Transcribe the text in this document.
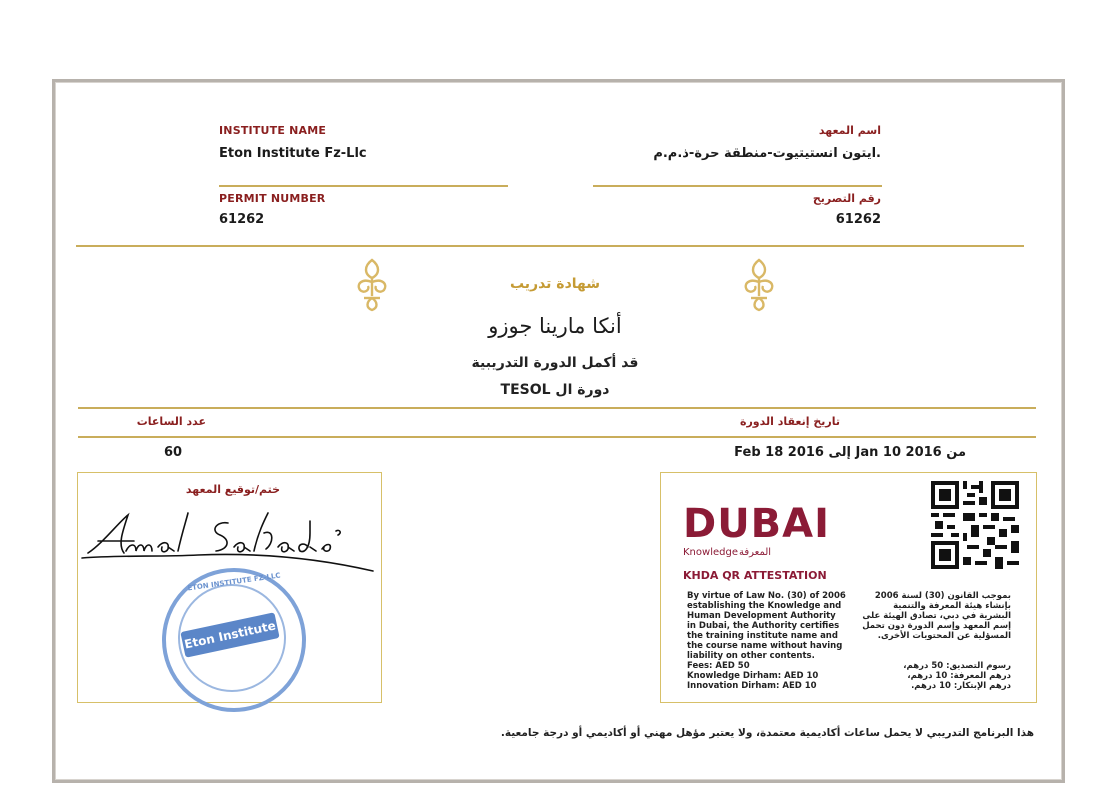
INSTITUTE NAME
Eton Institute Fz-Llc
اسم المعهد
.ايتون انستيتيوت-منطقة حرة-ذ.م.م
PERMIT NUMBER
61262
رقم التصريح
61262
شهادة تدريب
أنكا مارينا جوزو
قد أكمل الدورة التدريبية
دورة ال TESOL
عدد الساعات	تاريخ إنعقاد الدورة
60	من Jan 10 2016 إلى Feb 18 2016
ختم/توقيع المعهد
Eton Institute
ETON INSTITUTE FZ-LLC
DUBAI
Knowledge المعرفة
KHDA QR ATTESTATION
By virtue of Law No. (30) of 2006 establishing the Knowledge and Human Development Authority in Dubai, the Authority certifies the training institute name and the course name without having liability on other contents.
Fees: AED 50
Knowledge Dirham: AED 10
Innovation Dirham: AED 10
بموجب القانون (30) لسنة 2006 بإنشاء هيئة المعرفة والتنمية البشرية في دبي، تصادق الهيئة على إسم المعهد وإسم الدورة دون تحمل المسؤلية عن المحتويات الأخرى.
رسوم التصديق: 50 درهم،
درهم المعرفة: 10 درهم،
درهم الإبتكار: 10 درهم.
هذا البرنامج التدريبي لا يحمل ساعات أكاديمية معتمدة، ولا يعتبر مؤهل مهني أو أكاديمي أو درجة جامعية.
